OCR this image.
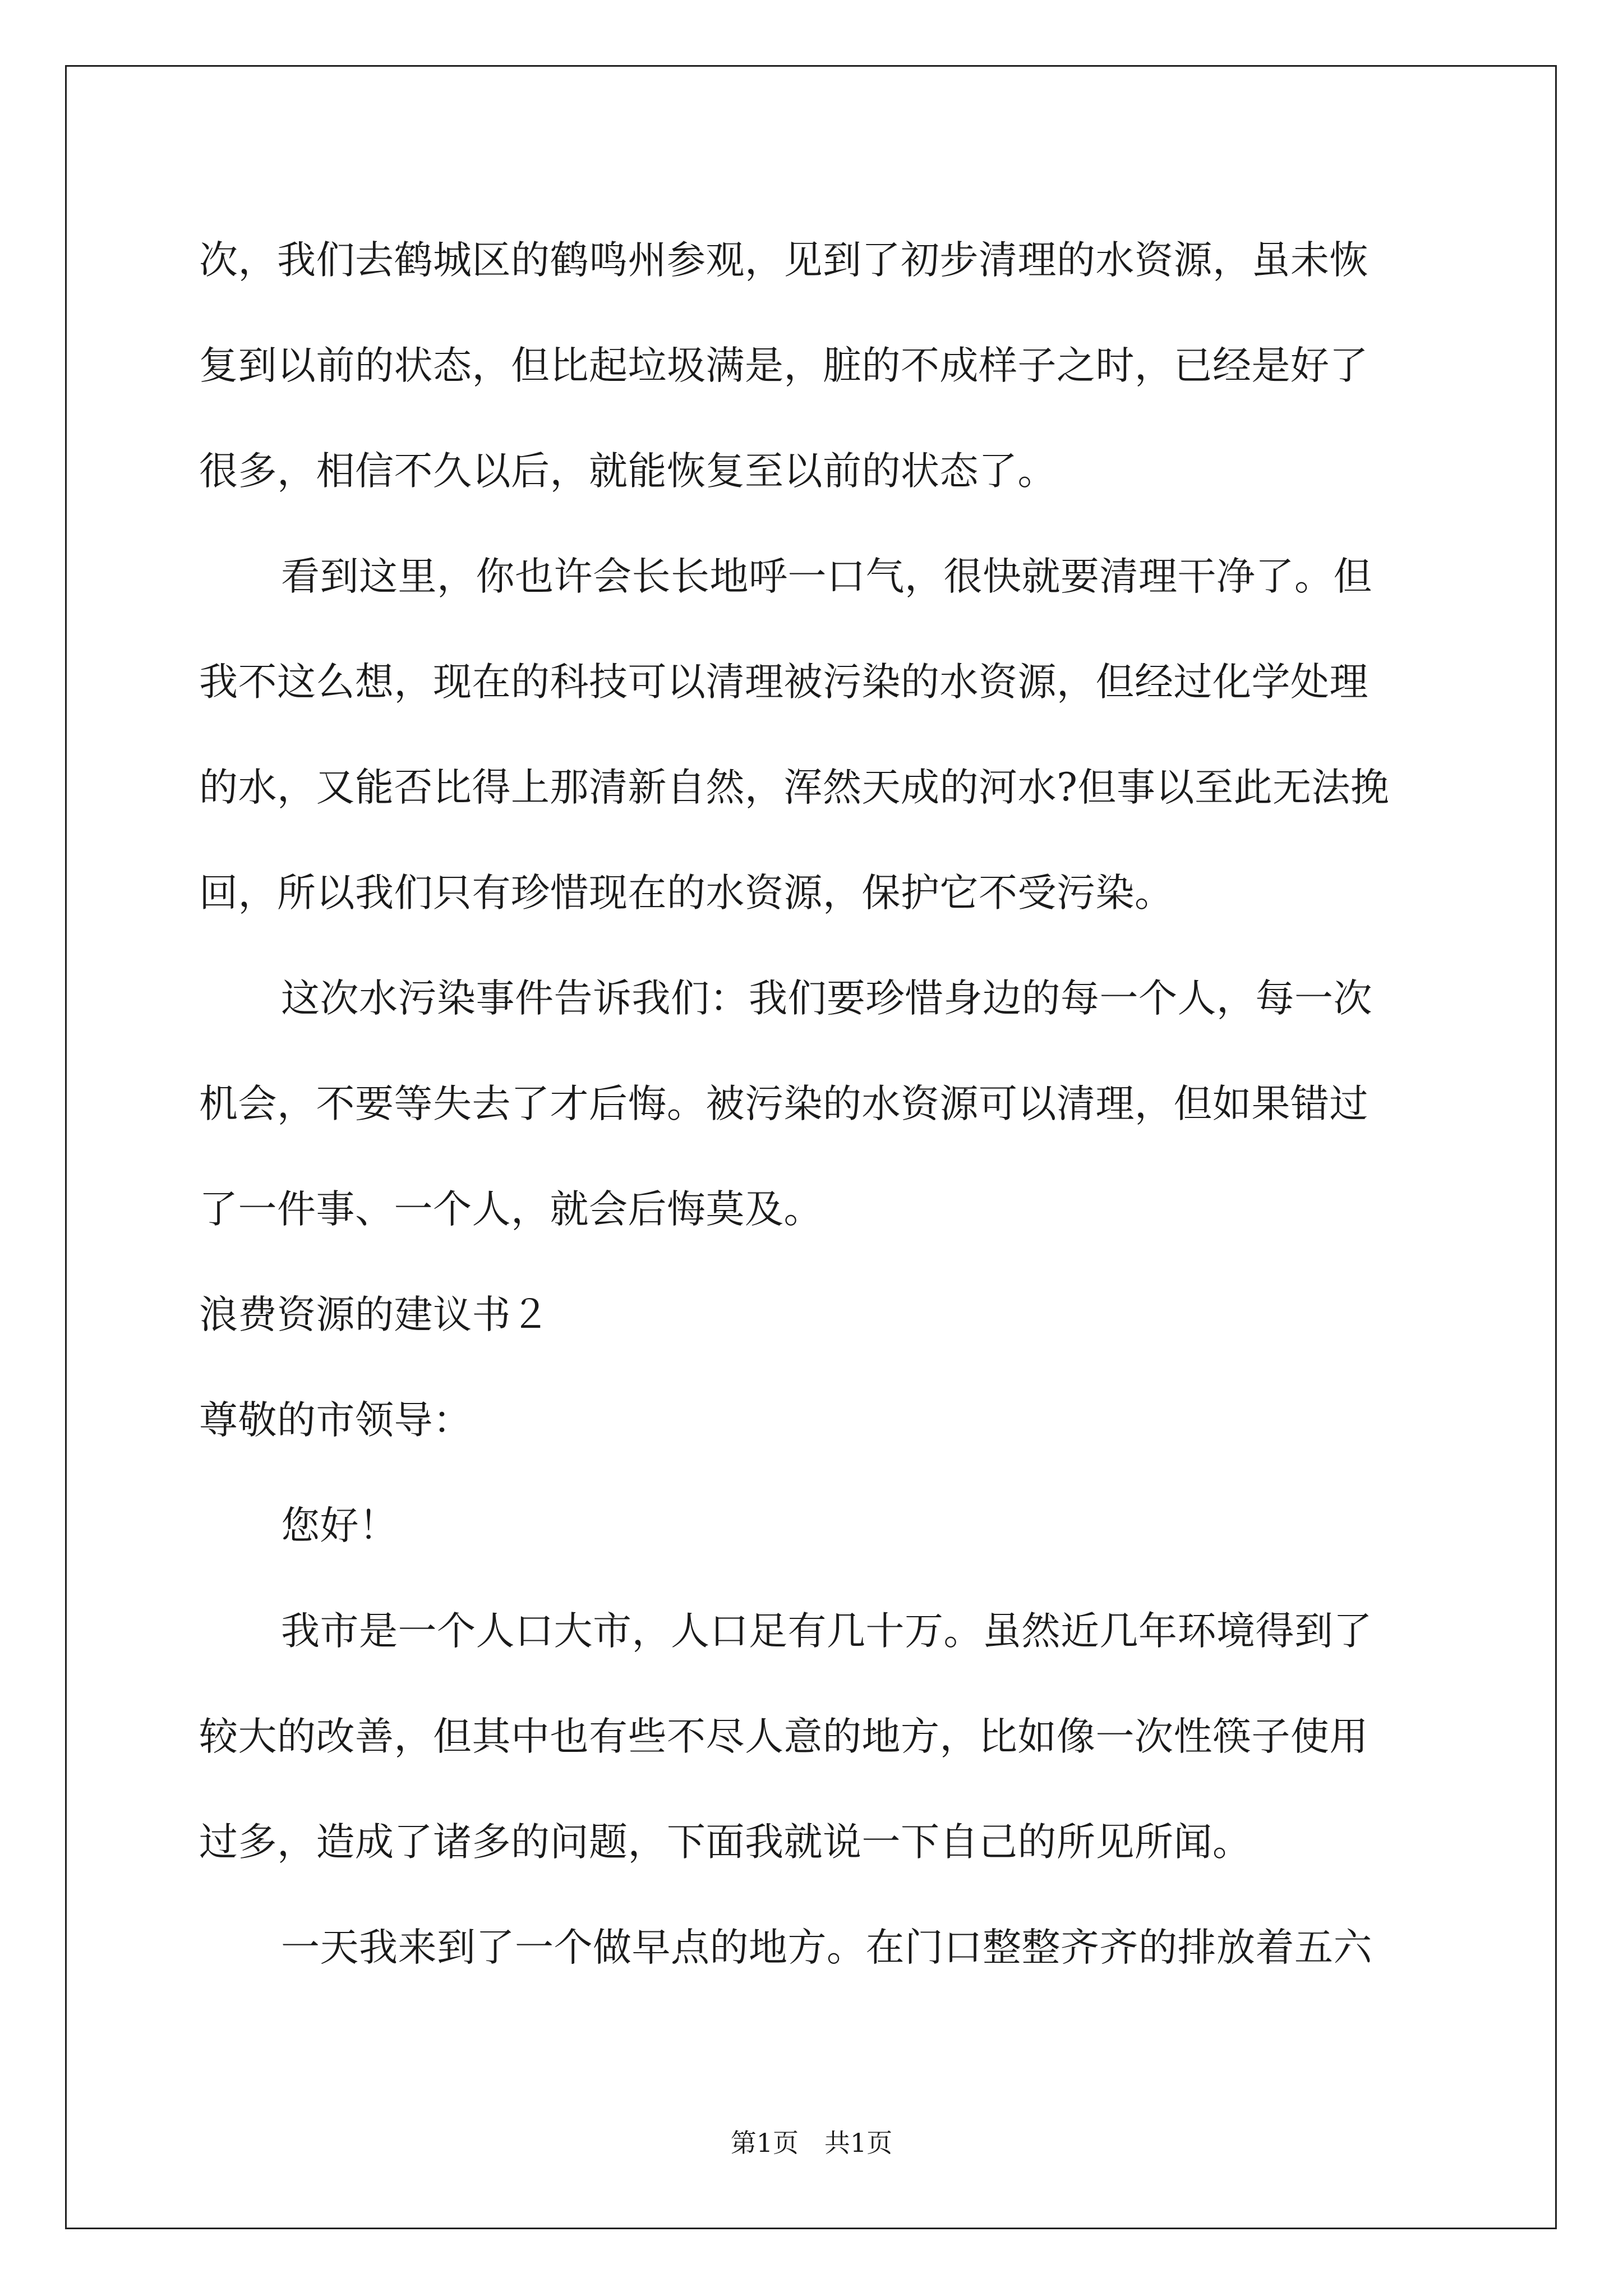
次，我们去鹤城区的鹤鸣州参观，见到了初步清理的水资源，虽未恢
复到以前的状态，但比起垃圾满是，脏的不成样子之时，已经是好了
很多，相信不久以后，就能恢复至以前的状态了。
看到这里，你也许会长长地呼一口气，很快就要清理干净了。但
我不这么想，现在的科技可以清理被污染的水资源，但经过化学处理
的水，又能否比得上那清新自然，浑然天成的河水?但事以至此无法挽
回，所以我们只有珍惜现在的水资源，保护它不受污染。
这次水污染事件告诉我们：我们要珍惜身边的每一个人，每一次
机会，不要等失去了才后悔。被污染的水资源可以清理，但如果错过
了一件事、一个人，就会后悔莫及。
浪费资源的建议书２
尊敬的市领导：
您好！
我市是一个人口大市，人口足有几十万。虽然近几年环境得到了
较大的改善，但其中也有些不尽人意的地方，比如像一次性筷子使用
过多，造成了诸多的问题，下面我就说一下自己的所见所闻。
一天我来到了一个做早点的地方。在门口整整齐齐的排放着五六
第1页　共1页
